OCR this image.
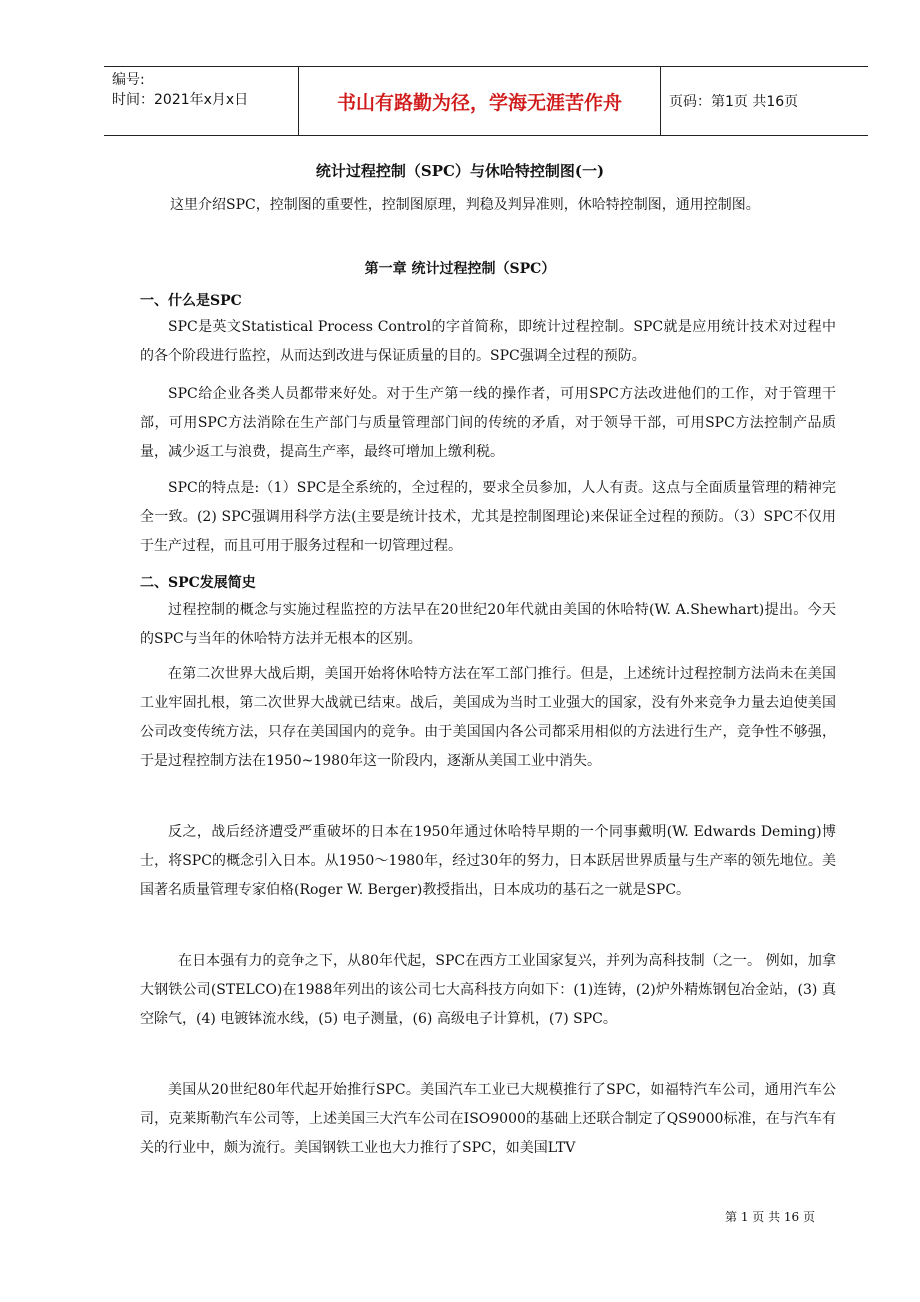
编号:
时间：2021年x月x日	书山有路勤为径，学海无涯苦作舟	页码：第1页 共16页
统计过程控制（SPC）与休哈特控制图(一)
这里介绍SPC，控制图的重要性，控制图原理，判稳及判异准则，休哈特控制图，通用控制图。
第一章 统计过程控制（SPC）
一、什么是SPC

SPC是英文Statistical Process Control的字首简称，即统计过程控制。SPC就是应用统计技术对过程中的各个阶段进行监控，从而达到改进与保证质量的目的。SPC强调全过程的预防。

SPC给企业各类人员都带来好处。对于生产第一线的操作者，可用SPC方法改进他们的工作，对于管理干部，可用SPC方法消除在生产部门与质量管理部门间的传统的矛盾，对于领导干部，可用SPC方法控制产品质量，减少返工与浪费，提高生产率，最终可增加上缴利税。

SPC的特点是:（1）SPC是全系统的，全过程的，要求全员参加，人人有责。这点与全面质量管理的精神完全一致。(2) SPC强调用科学方法(主要是统计技术，尤其是控制图理论)来保证全过程的预防。（3）SPC不仅用于生产过程，而且可用于服务过程和一切管理过程。

二、SPC发展简史

过程控制的概念与实施过程监控的方法早在20世纪20年代就由美国的休哈特(W. A.Shewhart)提出。今天的SPC与当年的休哈特方法并无根本的区别。

在第二次世界大战后期，美国开始将休哈特方法在军工部门推行。但是，上述统计过程控制方法尚未在美国工业牢固扎根，第二次世界大战就已结束。战后，美国成为当时工业强大的国家，没有外来竞争力量去迫使美国公司改变传统方法，只存在美国国内的竞争。由于美国国内各公司都采用相似的方法进行生产，竞争性不够强，于是过程控制方法在1950~1980年这一阶段内，逐渐从美国工业中消失。

反之，战后经济遭受严重破坏的日本在1950年通过休哈特早期的一个同事戴明(W. Edwards Deming)博士，将SPC的概念引入日本。从1950～1980年，经过30年的努力，日本跃居世界质量与生产率的领先地位。美国著名质量管理专家伯格(Roger W. Berger)教授指出，日本成功的基石之一就是SPC。

在日本强有力的竞争之下，从80年代起，SPC在西方工业国家复兴，并列为高科技制（之一。 例如，加拿大钢铁公司(STELCO)在1988年列出的该公司七大高科技方向如下：(1)连铸，(2)炉外精炼钢包冶金站，(3) 真空除气，(4) 电镀钵流水线，(5) 电子测量，(6) 高级电子计算机，(7) SPC。

美国从20世纪80年代起开始推行SPC。美国汽车工业已大规模推行了SPC，如福特汽车公司，通用汽车公司，克莱斯勒汽车公司等，上述美国三大汽车公司在ISO9000的基础上还联合制定了QS9000标准，在与汽车有关的行业中，颇为流行。美国钢铁工业也大力推行了SPC，如美国LTV

第 1 页 共 16 页
